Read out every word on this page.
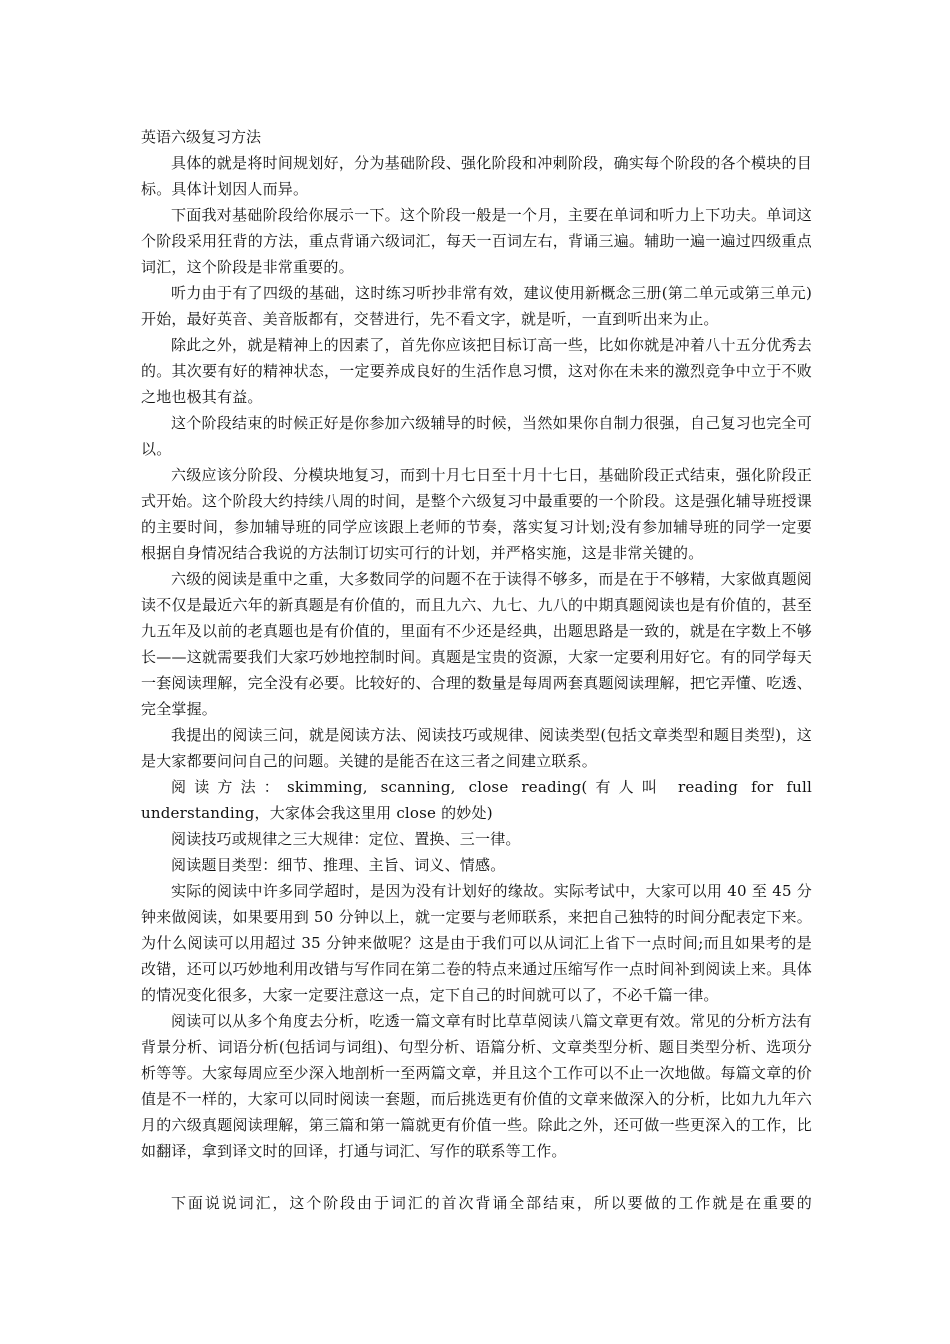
英语六级复习方法

具体的就是将时间规划好，分为基础阶段、强化阶段和冲刺阶段，确实每个阶段的各个模块的目标。具体计划因人而异。

下面我对基础阶段给你展示一下。这个阶段一般是一个月，主要在单词和听力上下功夫。单词这个阶段采用狂背的方法，重点背诵六级词汇，每天一百词左右，背诵三遍。辅助一遍一遍过四级重点词汇，这个阶段是非常重要的。

听力由于有了四级的基础，这时练习听抄非常有效，建议使用新概念三册(第二单元或第三单元)开始，最好英音、美音版都有，交替进行，先不看文字，就是听，一直到听出来为止。

除此之外，就是精神上的因素了，首先你应该把目标订高一些，比如你就是冲着八十五分优秀去的。其次要有好的精神状态，一定要养成良好的生活作息习惯，这对你在未来的激烈竞争中立于不败之地也极其有益。

这个阶段结束的时候正好是你参加六级辅导的时候，当然如果你自制力很强，自己复习也完全可以。

六级应该分阶段、分模块地复习，而到十月七日至十月十七日，基础阶段正式结束，强化阶段正式开始。这个阶段大约持续八周的时间，是整个六级复习中最重要的一个阶段。这是强化辅导班授课的主要时间，参加辅导班的同学应该跟上老师的节奏，落实复习计划;没有参加辅导班的同学一定要根据自身情况结合我说的方法制订切实可行的计划，并严格实施，这是非常关键的。

六级的阅读是重中之重，大多数同学的问题不在于读得不够多，而是在于不够精，大家做真题阅读不仅是最近六年的新真题是有价值的，而且九六、九七、九八的中期真题阅读也是有价值的，甚至九五年及以前的老真题也是有价值的，里面有不少还是经典，出题思路是一致的，就是在字数上不够长——这就需要我们大家巧妙地控制时间。真题是宝贵的资源，大家一定要利用好它。有的同学每天一套阅读理解，完全没有必要。比较好的、合理的数量是每周两套真题阅读理解，把它弄懂、吃透、完全掌握。

我提出的阅读三问，就是阅读方法、阅读技巧或规律、阅读类型(包括文章类型和题目类型)，这是大家都要问问自己的问题。关键的是能否在这三者之间建立联系。

阅读方法：skimming, scanning, close reading(有人叫 reading for full understanding，大家体会我这里用 close 的妙处)

阅读技巧或规律之三大规律：定位、置换、三一律。

阅读题目类型：细节、推理、主旨、词义、情感。

实际的阅读中许多同学超时，是因为没有计划好的缘故。实际考试中，大家可以用 40 至 45 分钟来做阅读，如果要用到 50 分钟以上，就一定要与老师联系，来把自己独特的时间分配表定下来。为什么阅读可以用超过 35 分钟来做呢？这是由于我们可以从词汇上省下一点时间;而且如果考的是改错，还可以巧妙地利用改错与写作同在第二卷的特点来通过压缩写作一点时间补到阅读上来。具体的情况变化很多，大家一定要注意这一点，定下自己的时间就可以了，不必千篇一律。

阅读可以从多个角度去分析，吃透一篇文章有时比草草阅读八篇文章更有效。常见的分析方法有背景分析、词语分析(包括词与词组)、句型分析、语篇分析、文章类型分析、题目类型分析、选项分析等等。大家每周应至少深入地剖析一至两篇文章，并且这个工作可以不止一次地做。每篇文章的价值是不一样的，大家可以同时阅读一套题，而后挑选更有价值的文章来做深入的分析，比如九九年六月的六级真题阅读理解，第三篇和第一篇就更有价值一些。除此之外，还可做一些更深入的工作，比如翻译，拿到译文时的回译，打通与词汇、写作的联系等工作。

下面说说词汇，这个阶段由于词汇的首次背诵全部结束，所以要做的工作就是在重要的
